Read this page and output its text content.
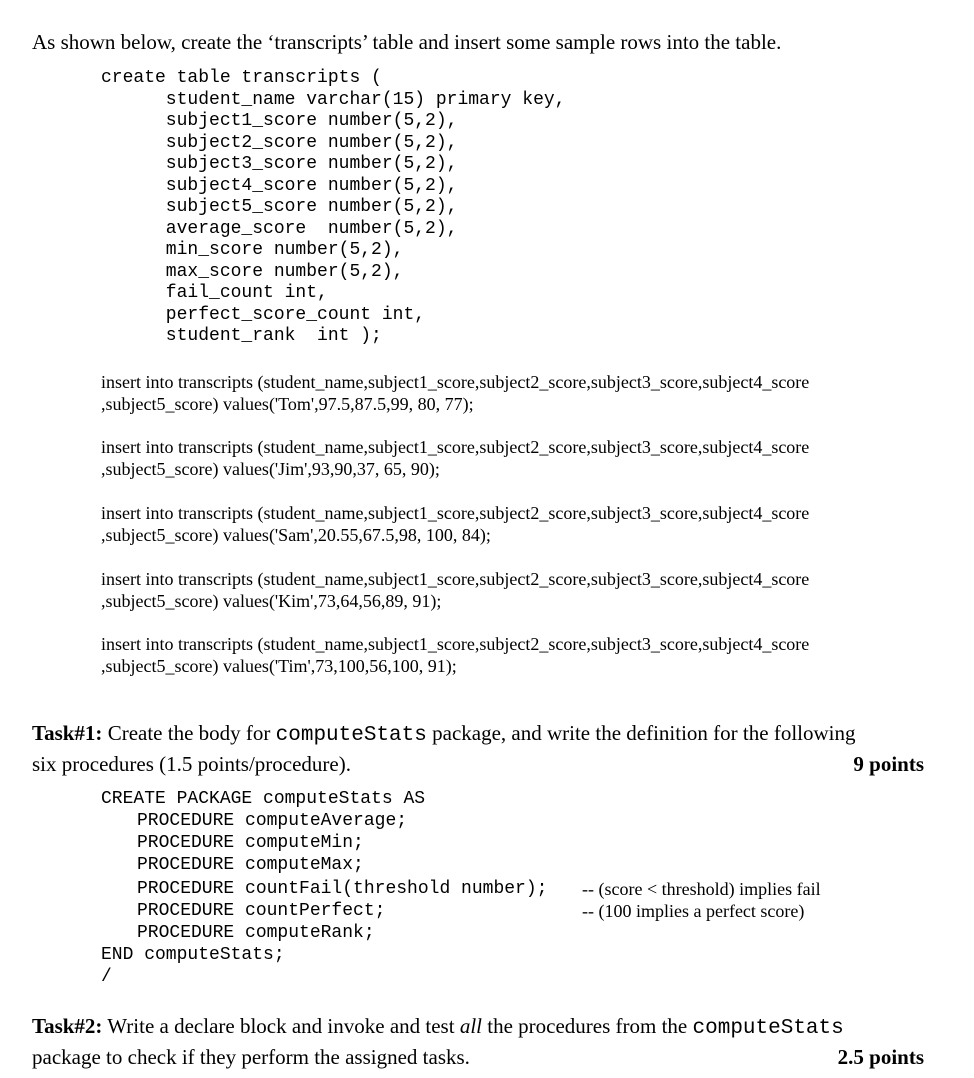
As shown below, create the ‘transcripts’ table and insert some sample rows into the table.
create table transcripts (
student_name varchar(15) primary key,
subject1_score number(5,2),
subject2_score number(5,2),
subject3_score number(5,2),
subject4_score number(5,2),
subject5_score number(5,2),
average_score  number(5,2),
min_score number(5,2),
max_score number(5,2),
fail_count int,
perfect_score_count int,
student_rank  int );
insert into transcripts (student_name,subject1_score,subject2_score,subject3_score,subject4_score
,subject5_score) values('Tom',97.5,87.5,99, 80, 77);
insert into transcripts (student_name,subject1_score,subject2_score,subject3_score,subject4_score
,subject5_score) values('Jim',93,90,37, 65, 90);
insert into transcripts (student_name,subject1_score,subject2_score,subject3_score,subject4_score
,subject5_score) values('Sam',20.55,67.5,98, 100, 84);
insert into transcripts (student_name,subject1_score,subject2_score,subject3_score,subject4_score
,subject5_score) values('Kim',73,64,56,89, 91);
insert into transcripts (student_name,subject1_score,subject2_score,subject3_score,subject4_score
,subject5_score) values('Tim',73,100,56,100, 91);
Task#1: Create the body for computeStats package, and write the definition for the following
six procedures (1.5 points/procedure).	9 points
CREATE PACKAGE computeStats AS
PROCEDURE computeAverage;
PROCEDURE computeMin;
PROCEDURE computeMax;
PROCEDURE countFail(threshold number);	-- (score < threshold) implies fail
PROCEDURE countPerfect;	-- (100 implies a perfect score)
PROCEDURE computeRank;
END computeStats;
/
Task#2: Write a declare block and invoke and test all the procedures from the computeStats
package to check if they perform the assigned tasks.	2.5 points
